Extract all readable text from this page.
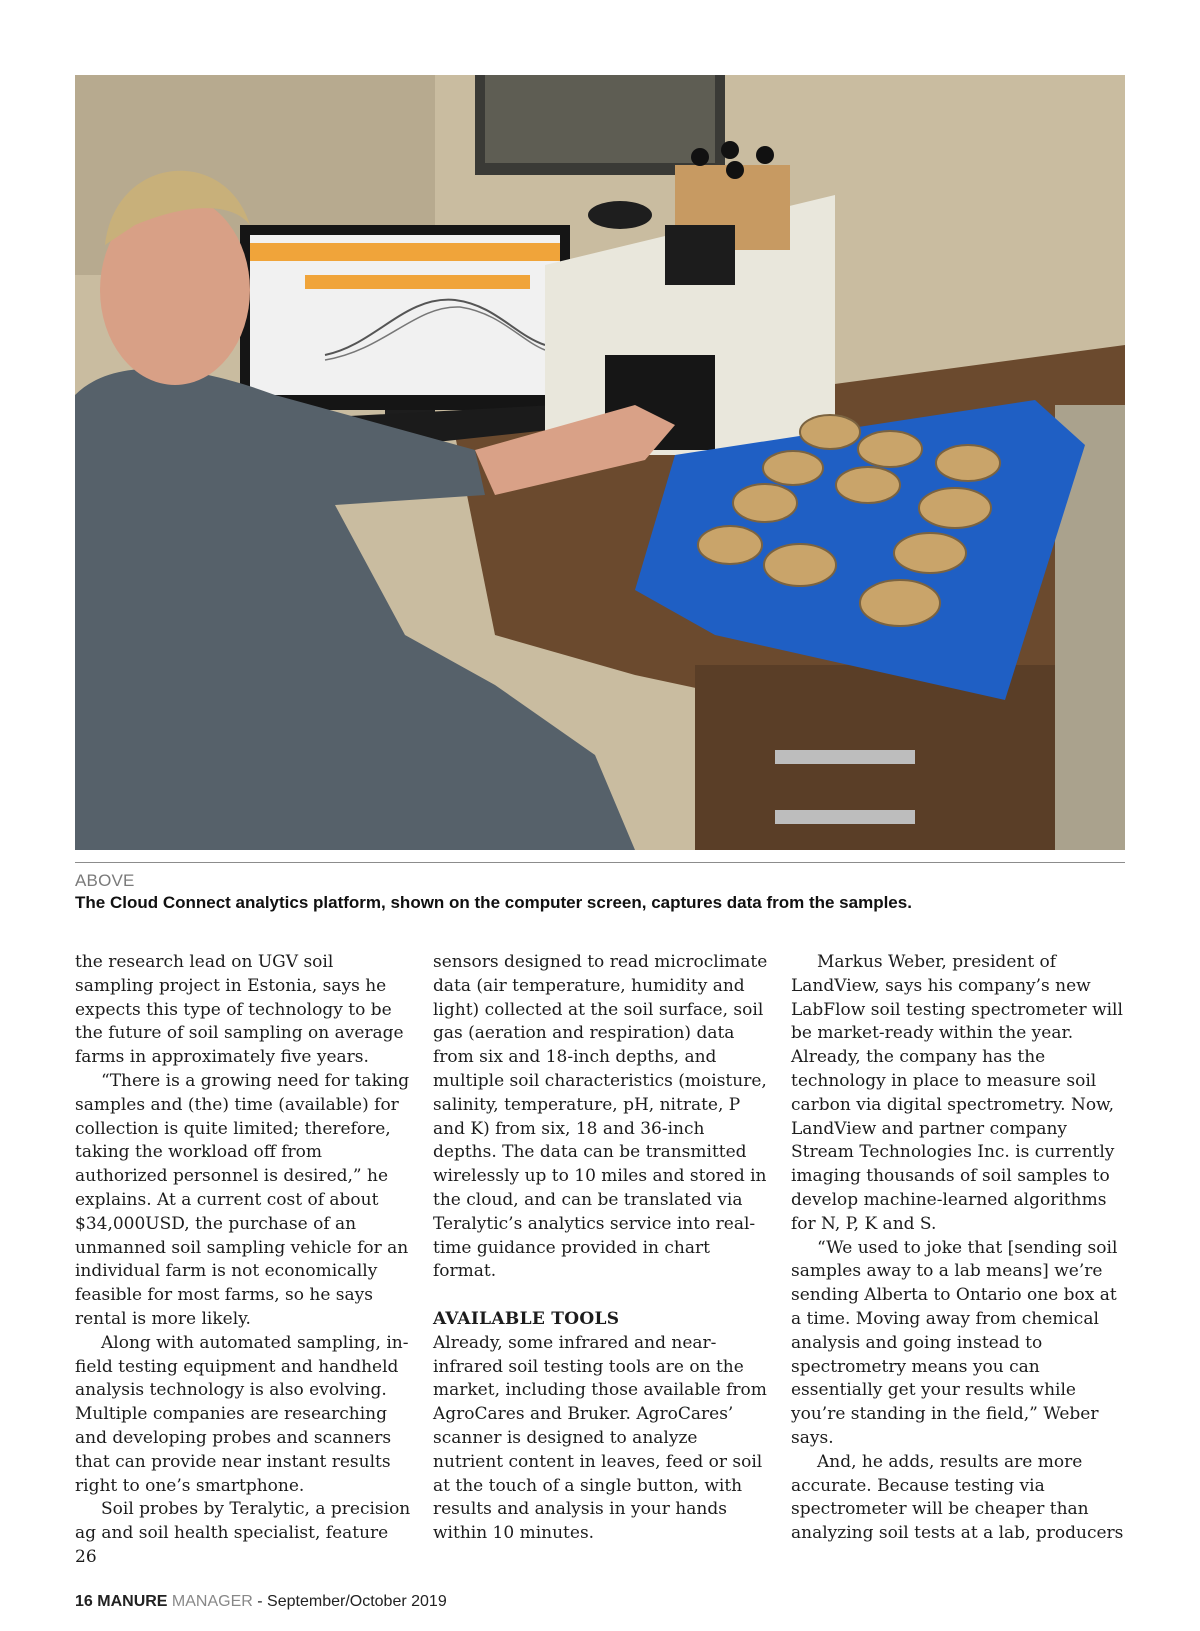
ABOVE
The Cloud Connect analytics platform, shown on the computer screen, captures data from the samples.

the research lead on UGV soil sampling project in Estonia, says he expects this type of technology to be the future of soil sampling on average farms in approximately five years.

“There is a growing need for taking samples and (the) time (available) for collection is quite limited; therefore, taking the workload off from authorized personnel is desired,” he explains. At a current cost of about $34,000USD, the purchase of an unmanned soil sampling vehicle for an individual farm is not economically feasible for most farms, so he says rental is more likely.

Along with automated sampling, in-field testing equipment and handheld analysis technology is also evolving. Multiple companies are researching and developing probes and scanners that can provide near instant results right to one’s smartphone.

Soil probes by Teralytic, a precision ag and soil health specialist, feature 26

sensors designed to read microclimate data (air temperature, humidity and light) collected at the soil surface, soil gas (aeration and respiration) data from six and 18-inch depths, and multiple soil characteristics (moisture, salinity, temperature, pH, nitrate, P and K) from six, 18 and 36-inch depths. The data can be transmitted wirelessly up to 10 miles and stored in the cloud, and can be translated via Teralytic’s analytics service into real-time guidance provided in chart format.

AVAILABLE TOOLS

Already, some infrared and near-infrared soil testing tools are on the market, including those available from AgroCares and Bruker. AgroCares’ scanner is designed to analyze nutrient content in leaves, feed or soil at the touch of a single button, with results and analysis in your hands within 10 minutes.

Markus Weber, president of LandView, says his company’s new LabFlow soil testing spectrometer will be market-ready within the year. Already, the company has the technology in place to measure soil carbon via digital spectrometry. Now, LandView and partner company Stream Technologies Inc. is currently imaging thousands of soil samples to develop machine-learned algorithms for N, P, K and S.

“We used to joke that [sending soil samples away to a lab means] we’re sending Alberta to Ontario one box at a time. Moving away from chemical analysis and going instead to spectrometry means you can essentially get your results while you’re standing in the field,” Weber says.

And, he adds, results are more accurate. Because testing via spectrometer will be cheaper than analyzing soil tests at a lab, producers

16 MANURE MANAGER - September/October 2019
